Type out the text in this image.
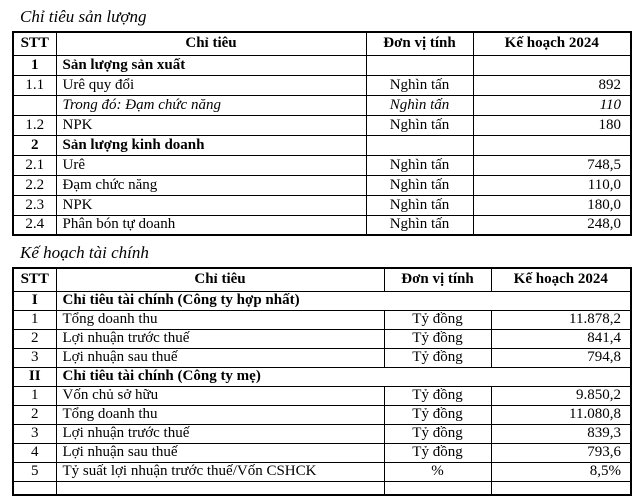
Chỉ tiêu sản lượng
STT	Chỉ tiêu	Đơn vị tính	Kế hoạch 2024
1	Sản lượng sản xuất		
1.1	Urê quy đổi	Nghìn tấn	892
	Trong đó: Đạm chức năng	Nghìn tấn	110
1.2	NPK	Nghìn tấn	180
2	Sản lượng kinh doanh		
2.1	Urê	Nghìn tấn	748,5
2.2	Đạm chức năng	Nghìn tấn	110,0
2.3	NPK	Nghìn tấn	180,0
2.4	Phân bón tự doanh	Nghìn tấn	248,0
Kế hoạch tài chính
STT	Chỉ tiêu	Đơn vị tính	Kế hoạch 2024
I	Chỉ tiêu tài chính (Công ty hợp nhất)		
1	Tổng doanh thu	Tỷ đồng	11.878,2
2	Lợi nhuận trước thuế	Tỷ đồng	841,4
3	Lợi nhuận sau thuế	Tỷ đồng	794,8
II	Chỉ tiêu tài chính (Công ty mẹ)		
1	Vốn chủ sở hữu	Tỷ đồng	9.850,2
2	Tổng doanh thu	Tỷ đồng	11.080,8
3	Lợi nhuận trước thuế	Tỷ đồng	839,3
4	Lợi nhuận sau thuế	Tỷ đồng	793,6
5	Tỷ suất lợi nhuận trước thuế/Vốn CSHCK	%	8,5%
